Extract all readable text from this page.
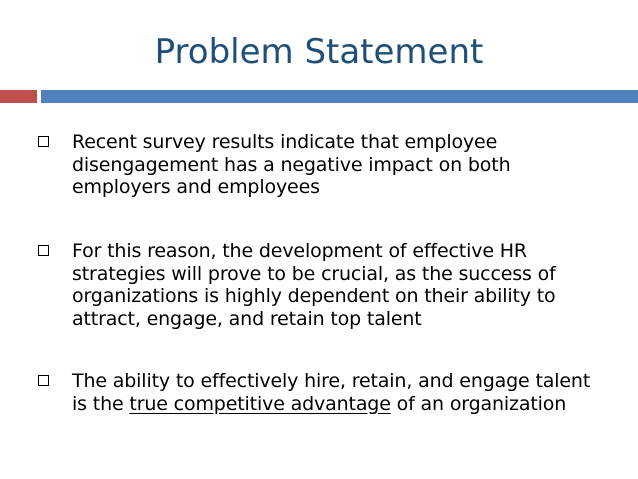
Problem Statement
Recent survey results indicate that employee
disengagement has a negative impact on both
employers and employees
For this reason, the development of effective HR
strategies will prove to be crucial, as the success of
organizations is highly dependent on their ability to
attract, engage, and retain top talent
The ability to effectively hire, retain, and engage talent
is the true competitive advantage of an organization
